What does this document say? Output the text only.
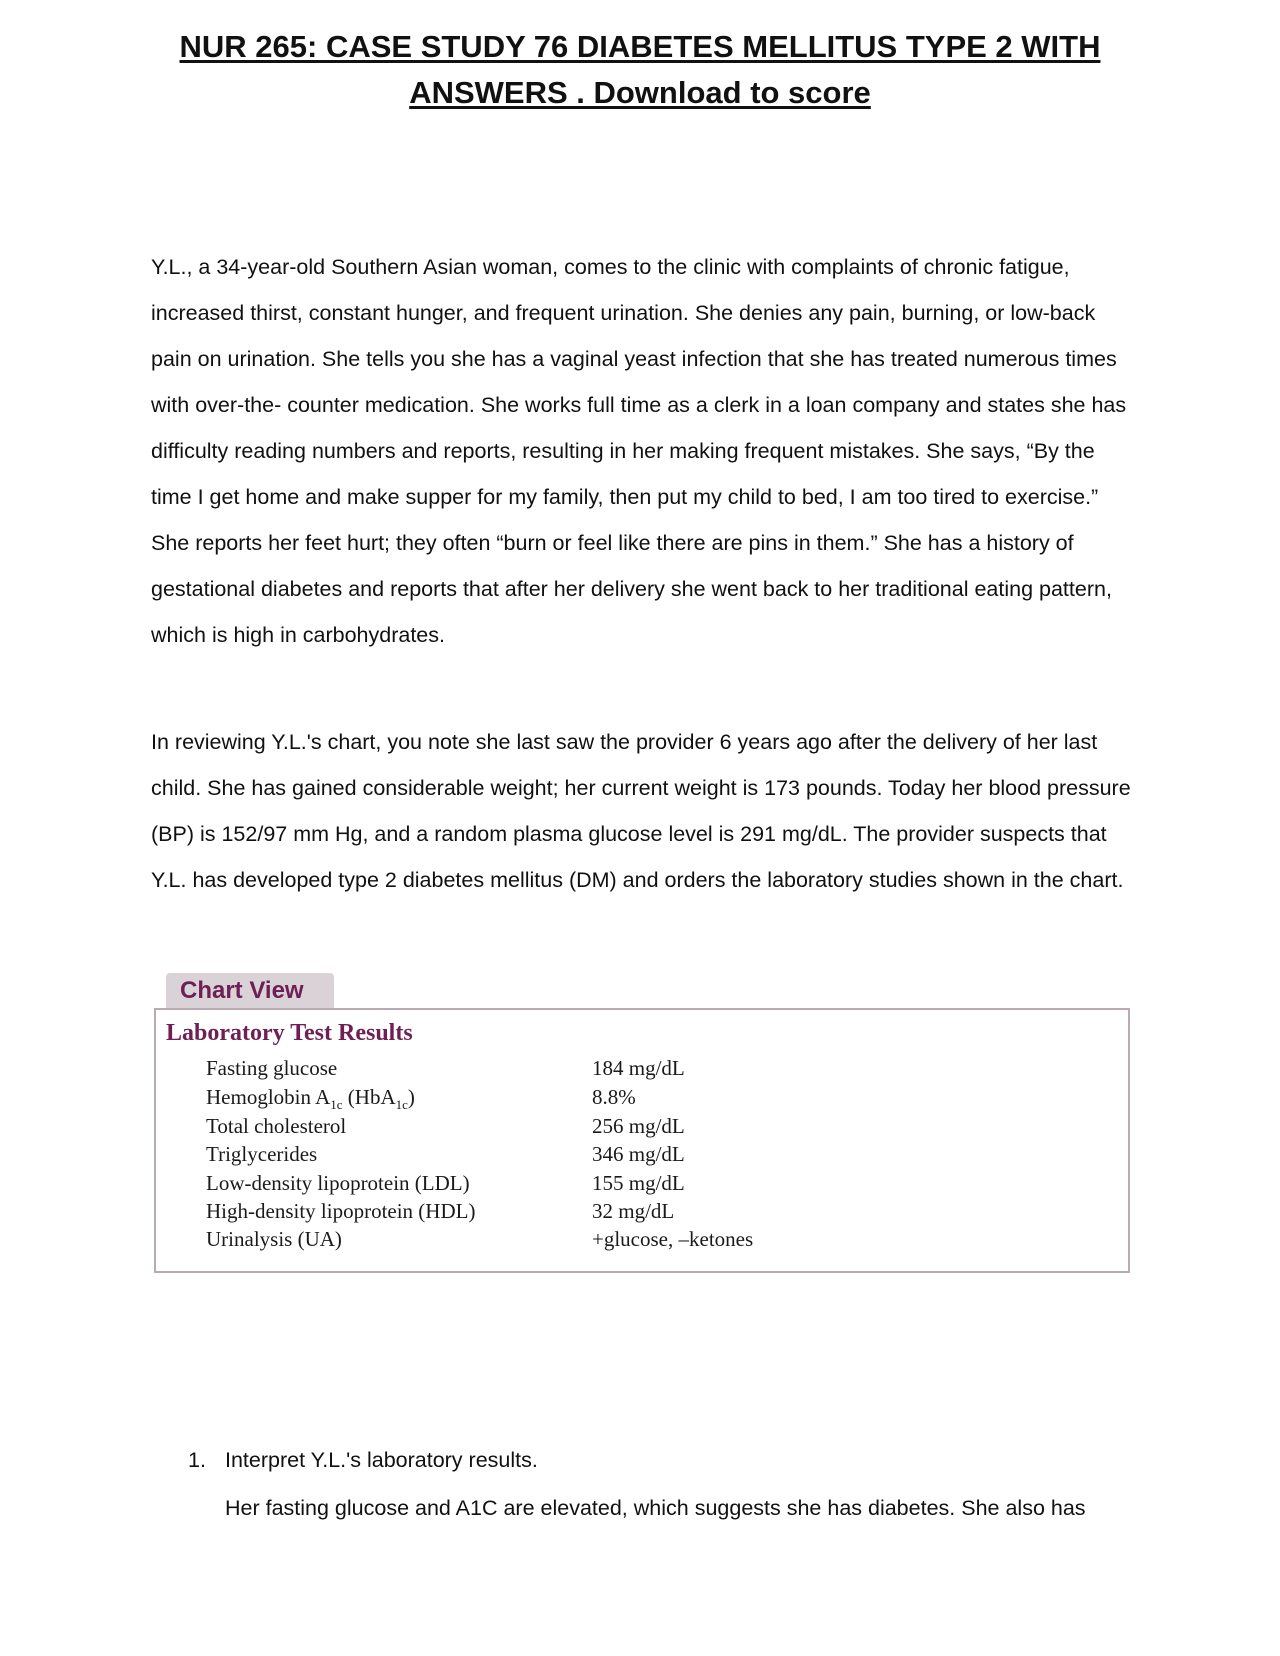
NUR 265: CASE STUDY 76 DIABETES MELLITUS TYPE 2 WITH
ANSWERS . Download to score

Y.L., a 34-year-old Southern Asian woman, comes to the clinic with complaints of chronic fatigue, increased thirst, constant hunger, and frequent urination. She denies any pain, burning, or low-back pain on urination. She tells you she has a vaginal yeast infection that she has treated numerous times with over-the- counter medication. She works full time as a clerk in a loan company and states she has difficulty reading numbers and reports, resulting in her making frequent mistakes. She says, “By the time I get home and make supper for my family, then put my child to bed, I am too tired to exercise.” She reports her feet hurt; they often “burn or feel like there are pins in them.” She has a history of gestational diabetes and reports that after her delivery she went back to her traditional eating pattern, which is high in carbohydrates.

In reviewing Y.L.'s chart, you note she last saw the provider 6 years ago after the delivery of her last child. She has gained considerable weight; her current weight is 173 pounds. Today her blood pressure (BP) is 152/97 mm Hg, and a random plasma glucose level is 291 mg/dL. The provider suspects that Y.L. has developed type 2 diabetes mellitus (DM) and orders the laboratory studies shown in the chart.

Chart View
Laboratory Test Results
Fasting glucose	184 mg/dL
Hemoglobin $A_{1c}$ (HbA$_{1c}$)	8.8%
Total cholesterol	256 mg/dL
Triglycerides	346 mg/dL
Low-density lipoprotein (LDL)	155 mg/dL
High-density lipoprotein (HDL)	32 mg/dL
Urinalysis (UA)	+glucose, –ketones
1. Interpret Y.L.'s laboratory results.
Her fasting glucose and A1C are elevated, which suggests she has diabetes. She also has
